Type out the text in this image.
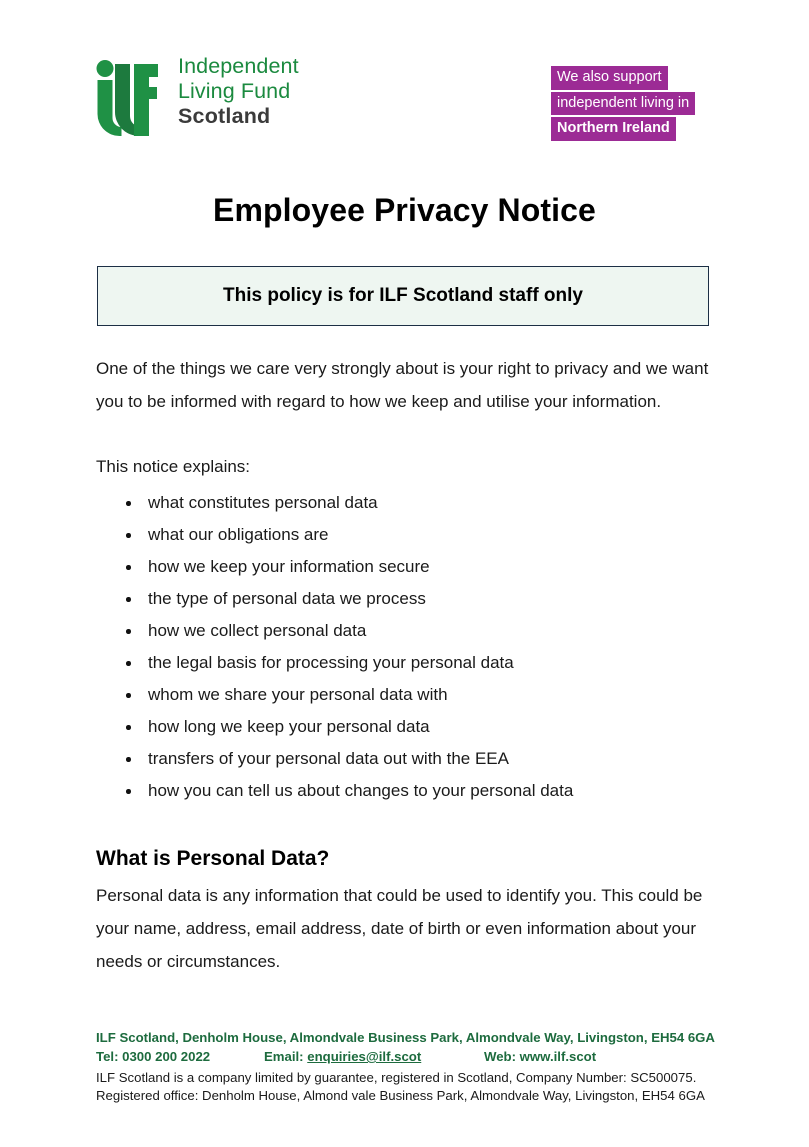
Independent
Living Fund
Scotland
We also support
independent living in
Northern Ireland
Employee Privacy Notice
This policy is for ILF Scotland staff only

One of the things we care very strongly about is your right to privacy and we want you to be informed with regard to how we keep and utilise your information.

This notice explains:

what constitutes personal data
what our obligations are
how we keep your information secure
the type of personal data we process
how we collect personal data
the legal basis for processing your personal data
whom we share your personal data with
how long we keep your personal data
transfers of your personal data out with the EEA
how you can tell us about changes to your personal data
What is Personal Data?

Personal data is any information that could be used to identify you. This could be your name, address, email address, date of birth or even information about your needs or circumstances.

ILF Scotland, Denholm House, Almondvale Business Park, Almondvale Way, Livingston, EH54 6GA
Tel: 0300 200 2022	Email: enquiries@ilf.scot	Web: www.ilf.scot
ILF Scotland is a company limited by guarantee, registered in Scotland, Company Number: SC500075.
Registered office: Denholm House, Almond vale Business Park, Almondvale Way, Livingston, EH54 6GA
